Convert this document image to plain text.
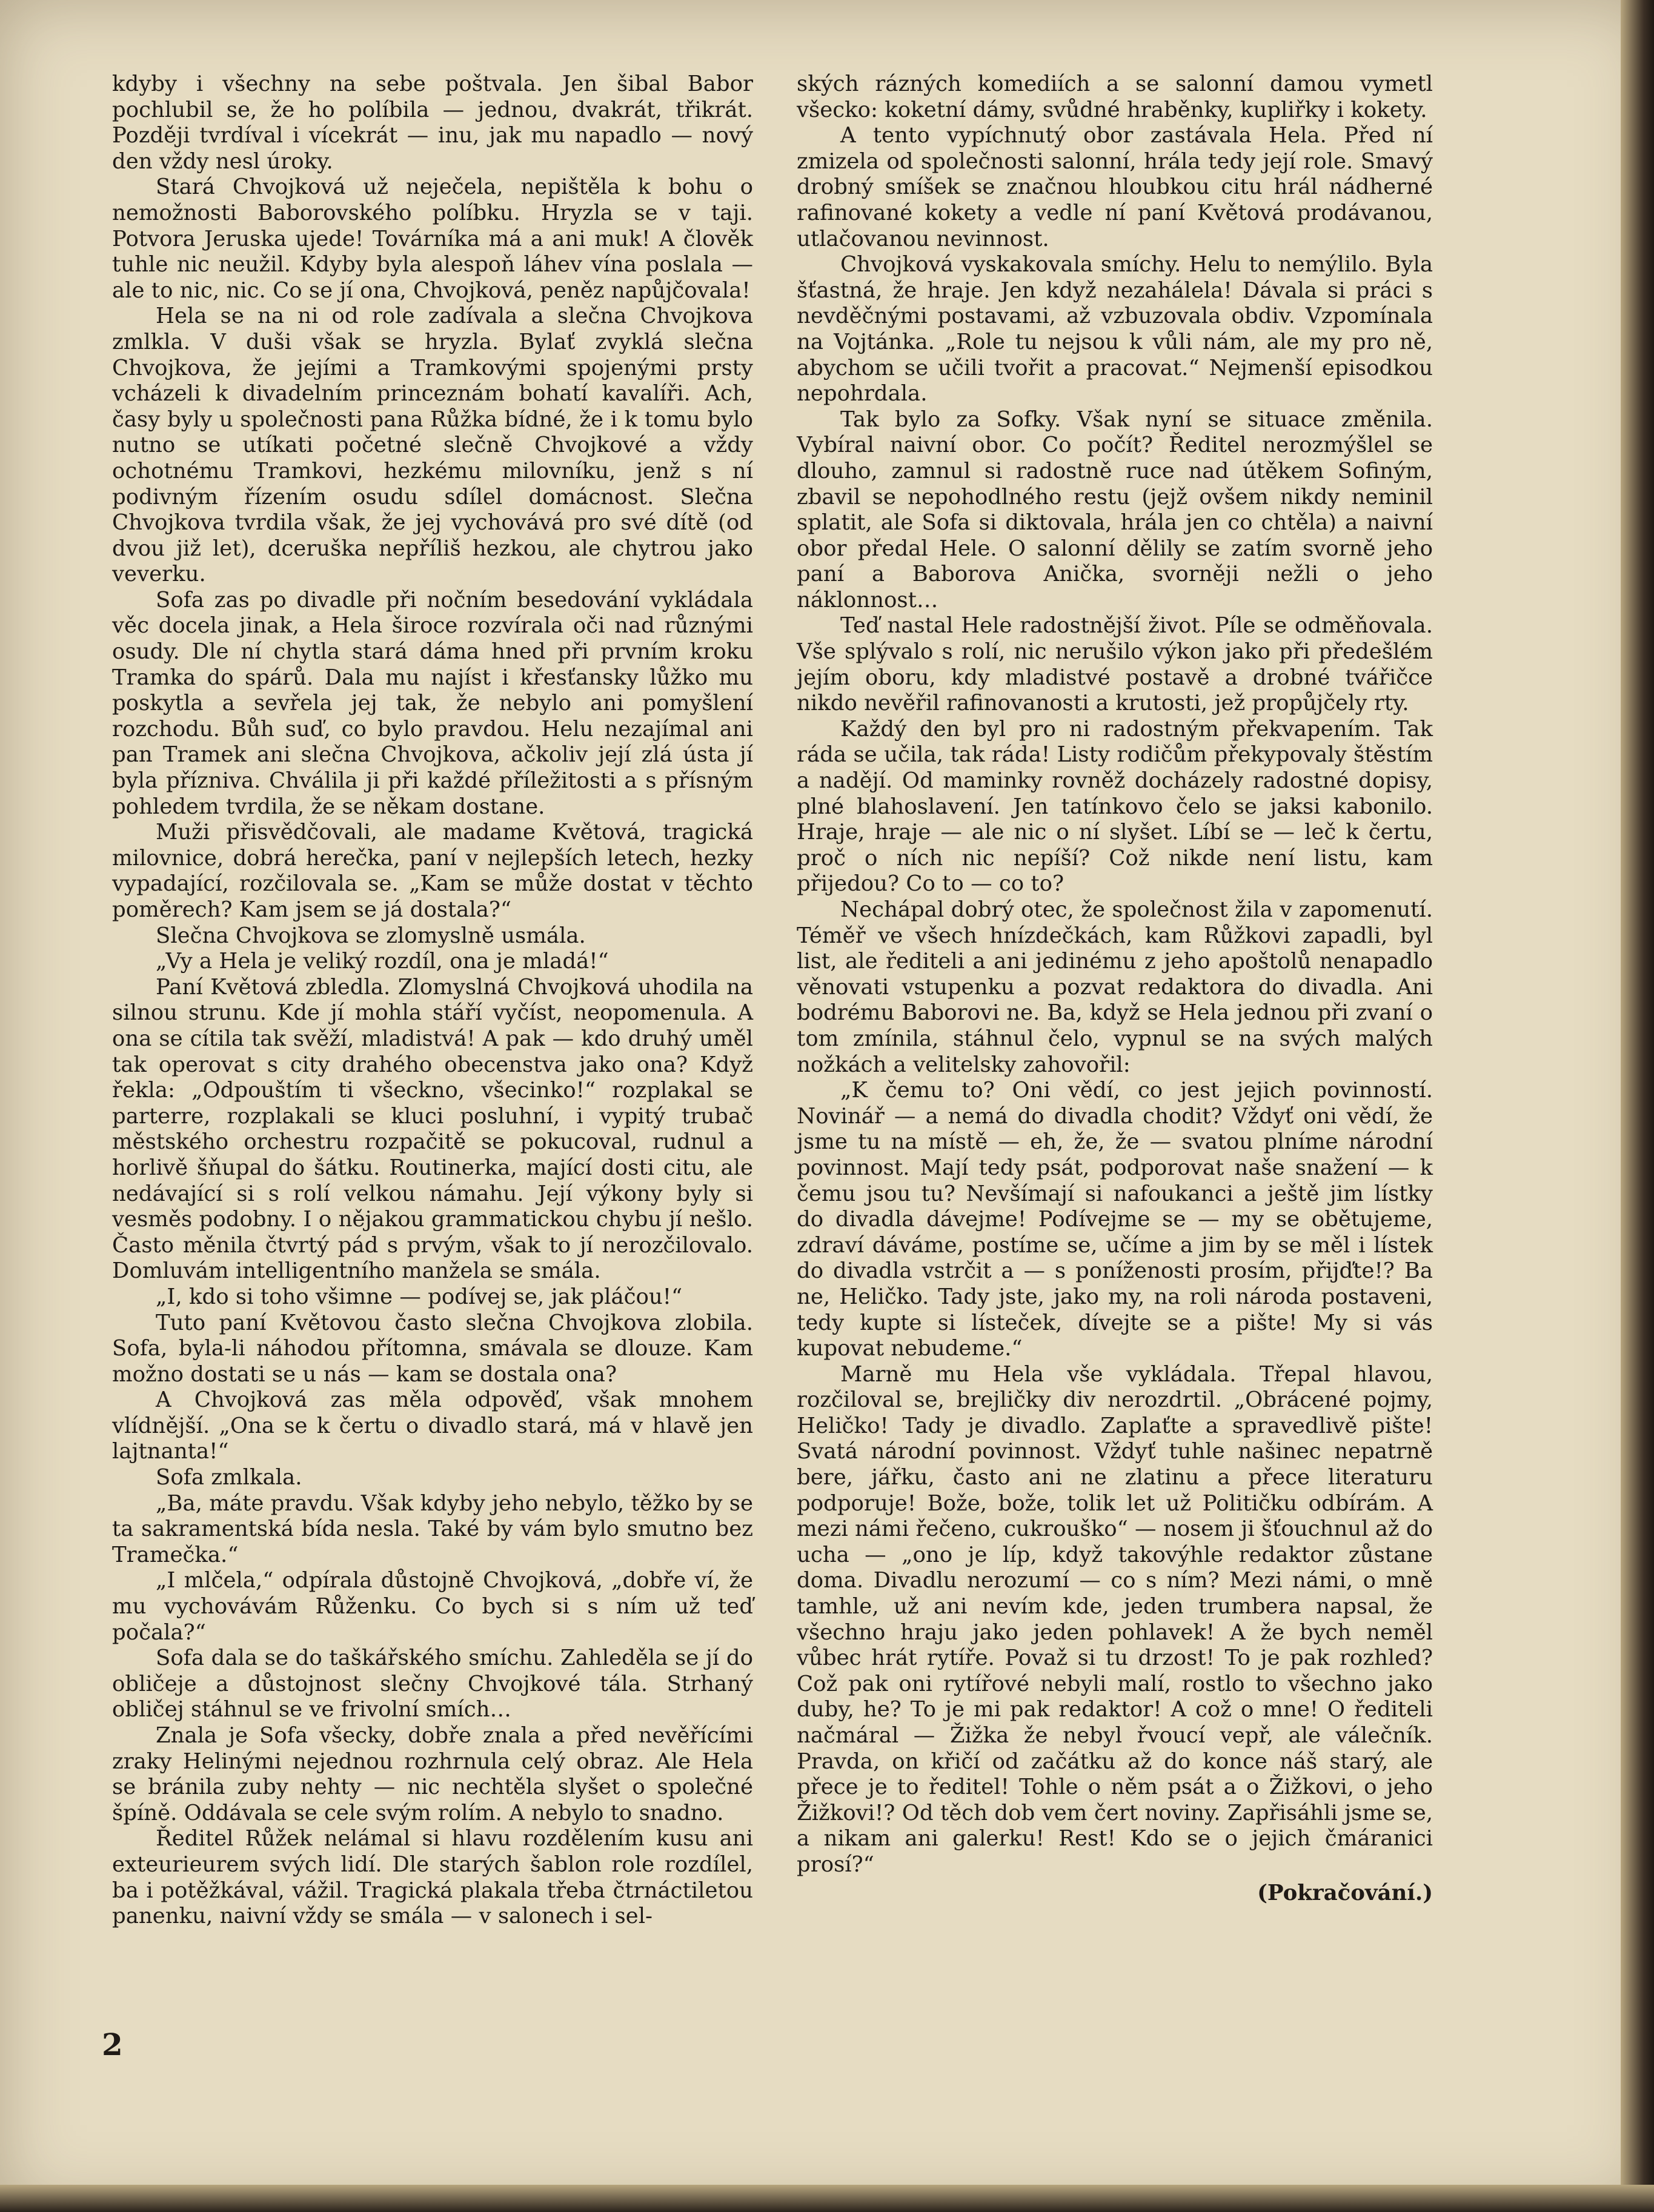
kdyby i všechny na sebe poštvala. Jen šibal Babor pochlubil se, že ho políbila — jednou, dvakrát, třikrát. Později tvrdíval i vícekrát — inu, jak mu napadlo — nový den vždy nesl úroky.

Stará Chvojková už neječela, nepištěla k bohu o nemožnosti Baborovského políbku. Hryzla se v taji. Potvora Jeruska ujede! Továrníka má a ani muk! A člověk tuhle nic neužil. Kdyby byla alespoň láhev vína poslala — ale to nic, nic. Co se jí ona, Chvojková, peněz napůjčovala!

Hela se na ni od role zadívala a slečna Chvojkova zmlkla. V duši však se hryzla. Bylať zvyklá slečna Chvojkova, že jejími a Tramkovými spojenými prsty vcházeli k divadelním princeznám bohatí kavalíři. Ach, časy byly u společnosti pana Růžka bídné, že i k tomu bylo nutno se utíkati početné slečně Chvojkové a vždy ochotnému Tramkovi, hezkému milovníku, jenž s ní podivným řízením osudu sdílel domácnost. Slečna Chvojkova tvrdila však, že jej vychovává pro své dítě (od dvou již let), dceruška nepříliš hezkou, ale chytrou jako veverku.

Sofa zas po divadle při nočním besedování vykládala věc docela jinak, a Hela široce rozvírala oči nad různými osudy. Dle ní chytla stará dáma hned při prvním kroku Tramka do spárů. Dala mu najíst i křesťansky lůžko mu poskytla a sevřela jej tak, že nebylo ani pomyšlení rozchodu. Bůh suď, co bylo pravdou. Helu nezajímal ani pan Tramek ani slečna Chvojkova, ačkoliv její zlá ústa jí byla přízniva. Chválila ji při každé příležitosti a s přísným pohledem tvrdila, že se někam dostane.

Muži přisvědčovali, ale madame Květová, tragická milovnice, dobrá herečka, paní v nejlepších letech, hezky vypadající, rozčilovala se. „Kam se může dostat v těchto poměrech? Kam jsem se já dostala?“

Slečna Chvojkova se zlomyslně usmála.

„Vy a Hela je veliký rozdíl, ona je mladá!“

Paní Květová zbledla. Zlomyslná Chvojková uhodila na silnou strunu. Kde jí mohla stáří vyčíst, neopomenula. A ona se cítila tak svěží, mladistvá! A pak — kdo druhý uměl tak operovat s city drahého obecenstva jako ona? Když řekla: „Odpouštím ti všeckno, všecinko!“ rozplakal se parterre, rozplakali se kluci posluhní, i vypitý trubač městského orchestru rozpačitě se pokucoval, rudnul a horlivě šňupal do šátku. Routinerka, mající dosti citu, ale nedávající si s rolí velkou námahu. Její výkony byly si vesměs podobny. I o nějakou grammatickou chybu jí nešlo. Často měnila čtvrtý pád s prvým, však to jí nerozčilovalo. Domluvám intelligentního manžela se smála.

„I, kdo si toho všimne — podívej se, jak pláčou!“

Tuto paní Květovou často slečna Chvojkova zlobila. Sofa, byla-li náhodou přítomna, smávala se dlouze. Kam možno dostati se u nás — kam se dostala ona?

A Chvojková zas měla odpověď, však mnohem vlídnější. „Ona se k čertu o divadlo stará, má v hlavě jen lajtnanta!“

Sofa zmlkala.

„Ba, máte pravdu. Však kdyby jeho nebylo, těžko by se ta sakramentská bída nesla. Také by vám bylo smutno bez Tramečka.“

„I mlčela,“ odpírala důstojně Chvojková, „dobře ví, že mu vychovávám Růženku. Co bych si s ním už teď počala?“

Sofa dala se do taškářského smíchu. Zahleděla se jí do obličeje a důstojnost slečny Chvojkové tála. Strhaný obličej stáhnul se ve frivolní smích…

Znala je Sofa všecky, dobře znala a před nevěřícími zraky Helinými nejednou rozhrnula celý obraz. Ale Hela se bránila zuby nehty — nic nechtěla slyšet o společné špíně. Oddávala se cele svým rolím. A nebylo to snadno.

Ředitel Růžek nelámal si hlavu rozdělením kusu ani exteurieurem svých lidí. Dle starých šablon role rozdílel, ba i potěžkával, vážil. Tragická plakala třeba čtrnáctiletou panenku, naivní vždy se smála — v salonech i sel-

ských rázných komediích a se salonní damou vymetl všecko: koketní dámy, svůdné hraběnky, kupliřky i kokety.

A tento vypíchnutý obor zastávala Hela. Před ní zmizela od společnosti salonní, hrála tedy její role. Smavý drobný smíšek se značnou hloubkou citu hrál nádherné rafinované kokety a vedle ní paní Květová prodávanou, utlačovanou nevinnost.

Chvojková vyskakovala smíchy. Helu to nemýlilo. Byla šťastná, že hraje. Jen když nezahálela! Dávala si práci s nevděčnými postavami, až vzbuzovala obdiv. Vzpomínala na Vojtánka. „Role tu nejsou k vůli nám, ale my pro ně, abychom se učili tvořit a pracovat.“ Nejmenší episodkou nepohrdala.

Tak bylo za Sofky. Však nyní se situace změnila. Vybíral naivní obor. Co počít? Ředitel nerozmýšlel se dlouho, zamnul si radostně ruce nad útěkem Sofiným, zbavil se nepohodlného restu (jejž ovšem nikdy neminil splatit, ale Sofa si diktovala, hrála jen co chtěla) a naivní obor předal Hele. O salonní dělily se zatím svorně jeho paní a Baborova Anička, svorněji nežli o jeho náklonnost…

Teď nastal Hele radostnější život. Píle se odměňovala. Vše splývalo s rolí, nic nerušilo výkon jako při předešlém jejím oboru, kdy mladistvé postavě a drobné tvářičce nikdo nevěřil rafinovanosti a krutosti, jež propůjčely rty.

Každý den byl pro ni radostným překvapením. Tak ráda se učila, tak ráda! Listy rodičům překypovaly štěstím a nadějí. Od maminky rovněž docházely radostné dopisy, plné blahoslavení. Jen tatínkovo čelo se jaksi kabonilo. Hraje, hraje — ale nic o ní slyšet. Líbí se — leč k čertu, proč o ních nic nepíší? Což nikde není listu, kam přijedou? Co to — co to?

Nechápal dobrý otec, že společnost žila v zapomenutí. Téměř ve všech hnízdečkách, kam Růžkovi zapadli, byl list, ale řediteli a ani jedinému z jeho apoštolů nenapadlo věnovati vstupenku a pozvat redaktora do divadla. Ani bodrému Baborovi ne. Ba, když se Hela jednou při zvaní o tom zmínila, stáhnul čelo, vypnul se na svých malých nožkách a velitelsky zahovořil:

„K čemu to? Oni vědí, co jest jejich povinností. Novinář — a nemá do divadla chodit? Vždyť oni vědí, že jsme tu na místě — eh, že, že — svatou plníme národní povinnost. Mají tedy psát, podporovat naše snažení — k čemu jsou tu? Nevšímají si nafoukanci a ještě jim lístky do divadla dávejme! Podívejme se — my se obětujeme, zdraví dáváme, postíme se, učíme a jim by se měl i lístek do divadla vstrčit a — s poníženosti prosím, přijďte!? Ba ne, Heličko. Tady jste, jako my, na roli národa postaveni, tedy kupte si lísteček, dívejte se a pište! My si vás kupovat nebudeme.“

Marně mu Hela vše vykládala. Třepal hlavou, rozčiloval se, brejličky div nerozdrtil. „Obrácené pojmy, Heličko! Tady je divadlo. Zaplaťte a spravedlivě pište! Svatá národní povinnost. Vždyť tuhle našinec nepatrně bere, jářku, často ani ne zlatinu a přece literaturu podporuje! Bože, bože, tolik let už Političku odbírám. A mezi námi řečeno, cukrouško“ — nosem ji šťouchnul až do ucha — „ono je líp, když takovýhle redaktor zůstane doma. Divadlu nerozumí — co s ním? Mezi námi, o mně tamhle, už ani nevím kde, jeden trumbera napsal, že všechno hraju jako jeden pohlavek! A že bych neměl vůbec hrát rytíře. Považ si tu drzost! To je pak rozhled? Což pak oni rytířové nebyli malí, rostlo to všechno jako duby, he? To je mi pak redaktor! A což o mne! O řediteli načmáral — Žižka že nebyl řvoucí vepř, ale válečník. Pravda, on křičí od začátku až do konce náš starý, ale přece je to ředitel! Tohle o něm psát a o Žižkovi, o jeho Žižkovi!? Od těch dob vem čert noviny. Zapřisáhli jsme se, a nikam ani galerku! Rest! Kdo se o jejich čmáranici prosí?“

(Pokračování.)

2
